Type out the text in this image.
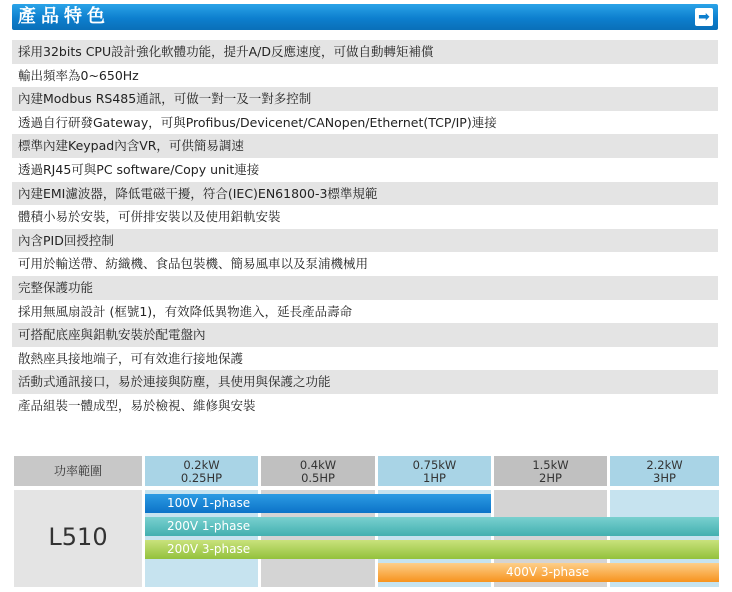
產品特色	➡
採用32bits CPU設計強化軟體功能，提升A/D反應速度，可做自動轉矩補償
輸出頻率為0~650Hz
內建Modbus RS485通訊，可做一對一及一對多控制
透過自行研發Gateway，可與Profibus/Devicenet/CANopen/Ethernet(TCP/IP)連接
標準內建Keypad內含VR，可供簡易調速
透過RJ45可與PC software/Copy unit連接
內建EMI濾波器，降低電磁干擾，符合(IEC)EN61800-3標準規範
體積小易於安裝，可併排安裝以及使用鋁軌安裝
內含PID回授控制
可用於輸送帶、紡織機、食品包裝機、簡易風車以及泵浦機械用
完整保護功能
採用無風扇設計 (框號1)，有效降低異物進入，延長產品壽命
可搭配底座與鋁軌安裝於配電盤內
散熱座具接地端子，可有效進行接地保護
活動式通訊接口，易於連接與防塵，具使用與保護之功能
產品組裝一體成型，易於檢視、維修與安裝
功率範圍	0.2kW
0.25HP
0.4kW
0.5HP
0.75kW
1HP
1.5kW
2HP
2.2kW
3HP
L510
100V 1-phase
200V 1-phase
200V 3-phase
400V 3-phase
